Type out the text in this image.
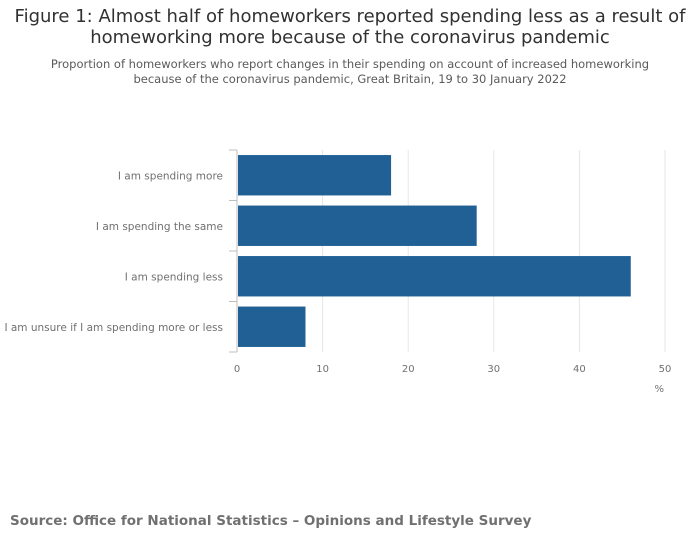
Figure 1: Almost half of homeworkers reported spending less as a result of homeworking more because of the coronavirus pandemic
Proportion of homeworkers who report changes in their spending on account of increased homeworking because of the coronavirus pandemic, Great Britain, 19 to 30 January 2022
0	10	20	30	40	50
I am spending more
I am spending the same
I am spending less
I am unsure if I am spending more or less
%
Source: Office for National Statistics – Opinions and Lifestyle Survey
